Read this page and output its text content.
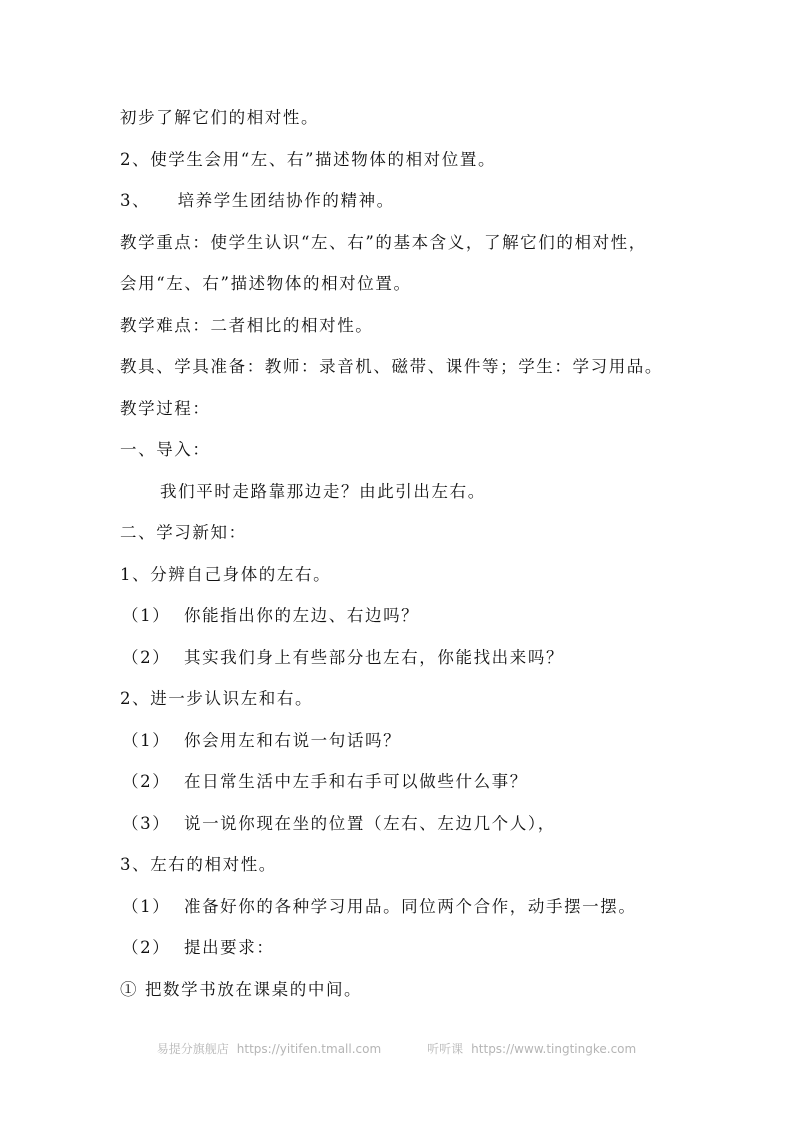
初步了解它们的相对性。
2、使学生会用“左、右”描述物体的相对位置。
3、    培养学生团结协作的精神。
教学重点：使学生认识“左、右”的基本含义，了解它们的相对性，
会用“左、右”描述物体的相对位置。
教学难点：二者相比的相对性。
教具、学具准备：教师：录音机、磁带、课件等；学生：学习用品。
教学过程：
一、导入：
我们平时走路靠那边走？由此引出左右。
二、学习新知：
1、分辨自己身体的左右。
（1）  你能指出你的左边、右边吗？
（2）  其实我们身上有些部分也左右，你能找出来吗？
2、进一步认识左和右。
（1）  你会用左和右说一句话吗？
（2）  在日常生活中左手和右手可以做些什么事？
（3）  说一说你现在坐的位置（左右、左边几个人），
3、左右的相对性。
（1）  准备好你的各种学习用品。同位两个合作，动手摆一摆。
（2）  提出要求：
① 把数学书放在课桌的中间。
易提分旗舰店 https://yitifen.tmall.com	听听课 https://www.tingtingke.com
